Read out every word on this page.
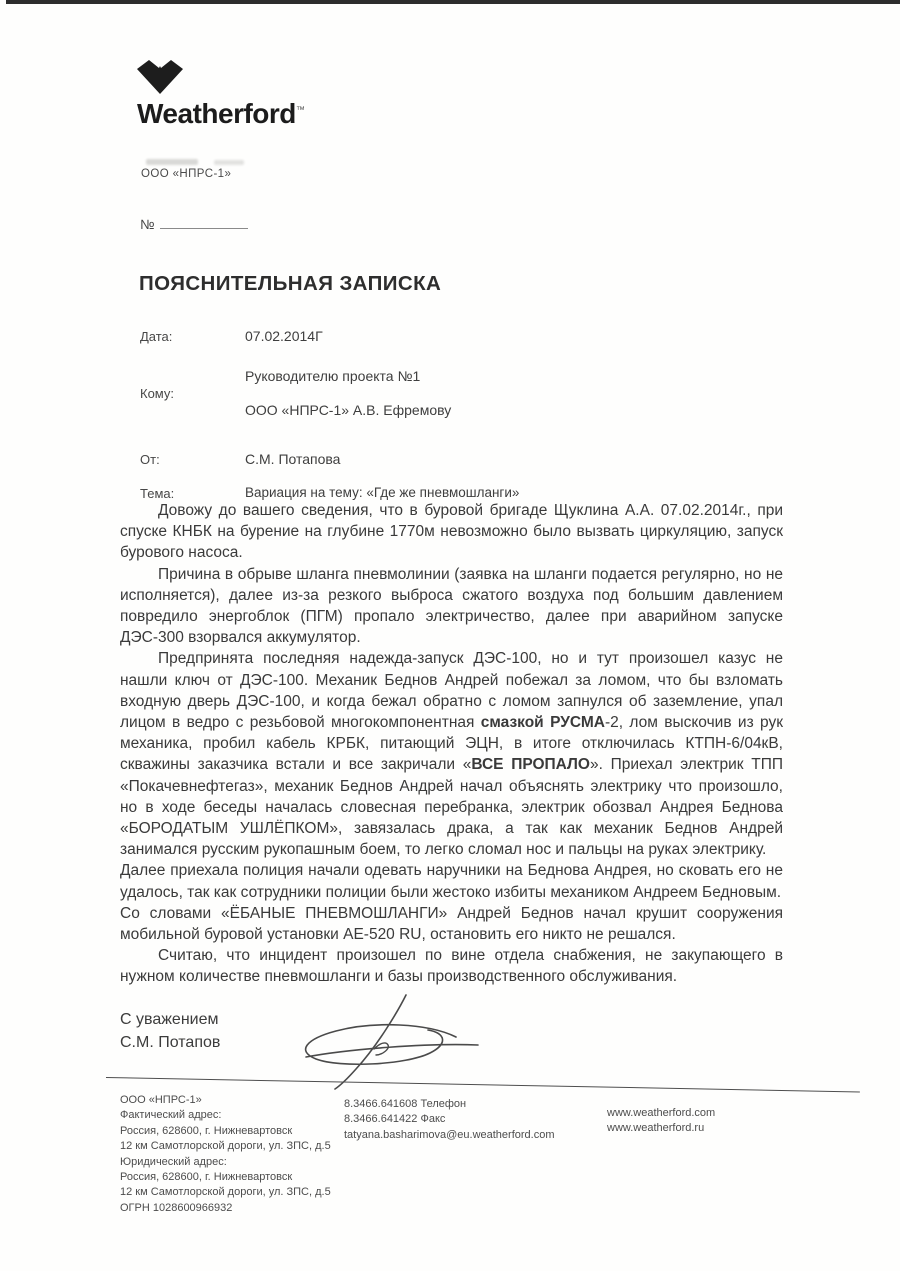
Weatherford™
ООО «НПРС-1»
№
ПОЯСНИТЕЛЬНАЯ ЗАПИСКА
Дата:	07.02.2014Г
Кому:
Руководителю проекта №1
ООО «НПРС-1» А.В. Ефремову
От:	С.М. Потапова
Тема:	Вариация на тему: «Где же пневмошланги»

Довожу до вашего сведения, что в буровой бригаде Щуклина А.А. 07.02.2014г., при спуске КНБК на бурение на глубине 1770м невозможно было вызвать циркуляцию, запуск бурового насоса.

Причина в обрыве шланга пневмолинии (заявка на шланги подается регулярно, но не исполняется), далее из-за резкого выброса сжатого воздуха под большим давлением повредило энергоблок (ПГМ) пропало электричество, далее при аварийном запуске ДЭС-300 взорвался аккумулятор.

Предпринята последняя надежда-запуск ДЭС-100, но и тут произошел казус не нашли ключ от ДЭС-100. Механик Беднов Андрей побежал за ломом, что бы взломать входную дверь ДЭС-100, и когда бежал обратно с ломом запнулся об заземление, упал лицом в ведро с резьбовой многокомпонентная смазкой РУСМА-2, лом выскочив из рук механика, пробил кабель КРБК, питающий ЭЦН, в итоге отключилась КТПН-6/04кВ, скважины заказчика встали и все закричали «ВСЕ ПРОПАЛО». Приехал электрик ТПП «Покачевнефтегаз», механик Беднов Андрей начал объяснять электрику что произошло, но в ходе беседы началась словесная перебранка, электрик обозвал Андрея Беднова «БОРОДАТЫМ УШЛЁПКОМ», завязалась драка, а так как механик Беднов Андрей занимался русским рукопашным боем, то легко сломал нос и пальцы на руках электрику.

Далее приехала полиция начали одевать наручники на Беднова Андрея, но сковать его не удалось, так как сотрудники полиции были жестоко избиты механиком Андреем Бедновым.

Со словами «ЁБАНЫЕ ПНЕВМОШЛАНГИ» Андрей Беднов начал крушит сооружения мобильной буровой установки АЕ-520 RU, остановить его никто не решался.

Считаю, что инцидент произошел по вине отдела снабжения, не закупающего в нужном количестве пневмошланги и базы производственного обслуживания.

С уважением
С.М. Потапов
ООО «НПРС-1»
Фактический адрес:
Россия, 628600, г. Нижневартовск
12 км Самотлорской дороги, ул. ЗПС, д.5
Юридический адрес:
Россия, 628600, г. Нижневартовск
12 км Самотлорской дороги, ул. ЗПС, д.5
ОГРН 1028600966932
8.3466.641608 Телефон
8.3466.641422 Факс
tatyana.basharimova@eu.weatherford.com
www.weatherford.com
www.weatherford.ru
